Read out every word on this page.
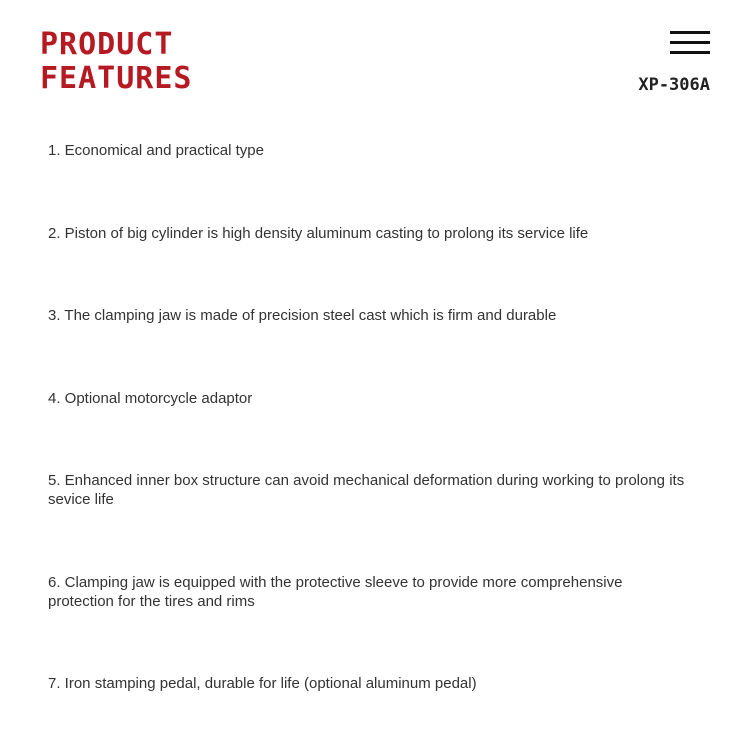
PRODUCT
FEATURES	XP-306A
1. Economical and practical type
2. Piston of big cylinder is high density aluminum casting to prolong its service life
3. The clamping jaw is made of precision steel cast which is firm and durable
4. Optional motorcycle adaptor
5. Enhanced inner box structure can avoid mechanical deformation during working to prolong its sevice life
6. Clamping jaw is equipped with the protective sleeve to provide more comprehensive protection for the tires and rims
7. Iron stamping pedal, durable for life (optional aluminum pedal)
